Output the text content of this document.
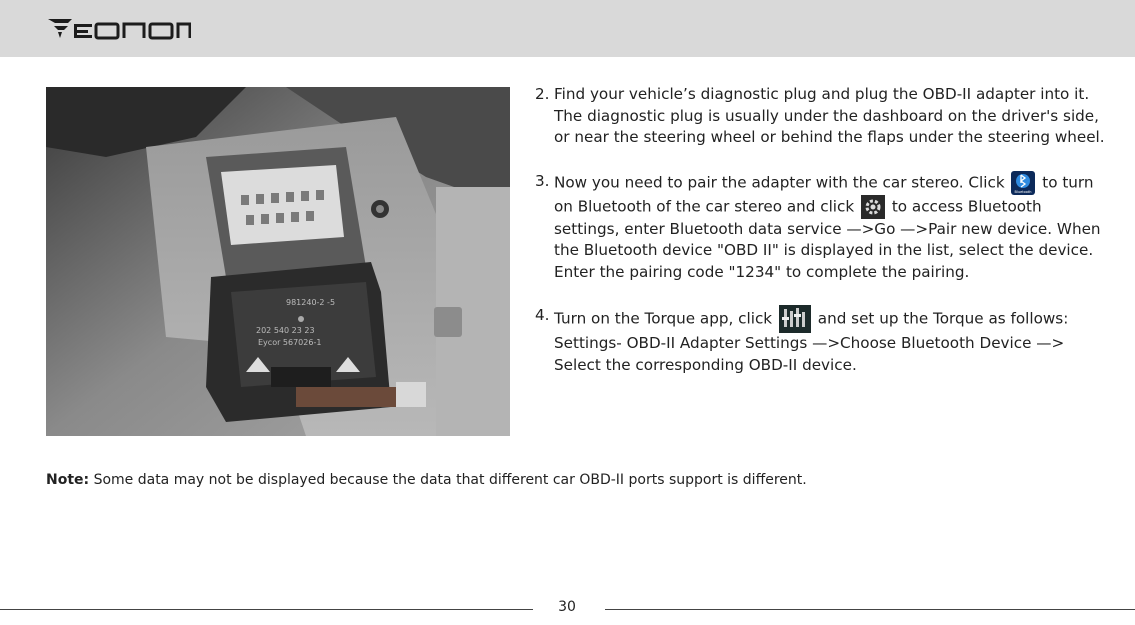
981240-2 -5
202 540 23 23
Eycor 567026-1
2. Find your vehicle’s diagnostic plug and plug the OBD-II adapter into it. The diagnostic plug is usually under the dashboard on the driver's side, or near the steering wheel or behind the flaps under the steering wheel.
3. Now you need to pair the adapter with the car stereo. Click
Bluetooth
to turn on Bluetooth of the car stereo and click to access Bluetooth settings, enter Bluetooth data service —>Go —>Pair new device. When the Bluetooth device "OBD II" is displayed in the list, select the device. Enter the pairing code "1234" to complete the pairing.
4. Turn on the Torque app, click	and set up the Torque as follows: Settings- OBD-II Adapter Settings —>Choose Bluetooth Device —> Select the corresponding OBD-II device.
Note: Some data may not be displayed because the data that different car OBD-II ports support is different.
30
